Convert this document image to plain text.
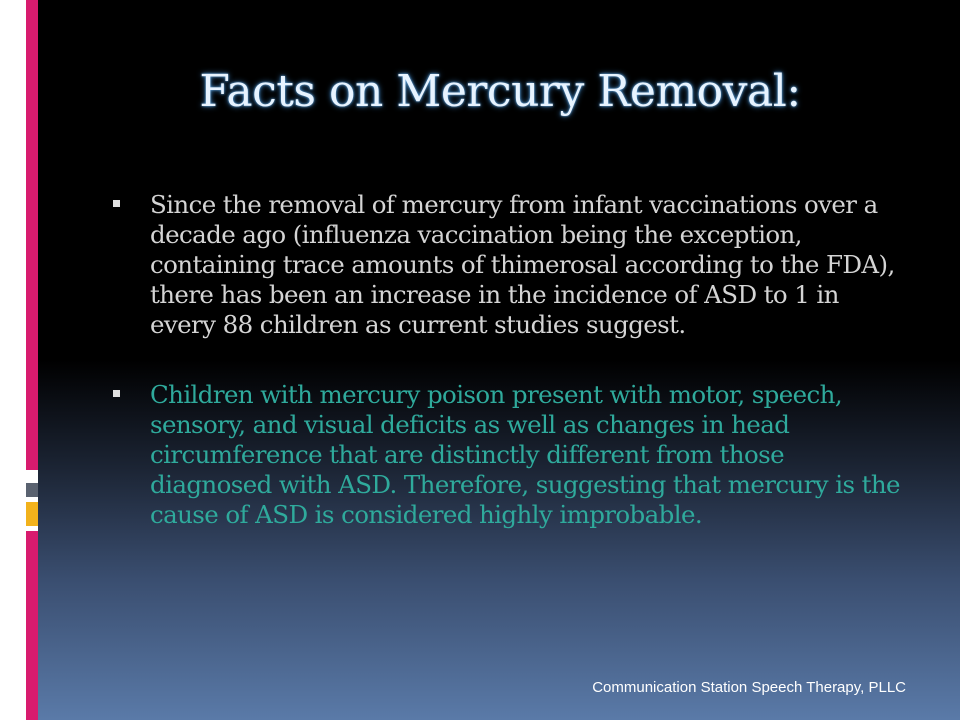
Facts on Mercury Removal:
Since the removal of mercury from infant vaccinations over a decade ago (influenza vaccination being the exception, containing trace amounts of thimerosal according to the FDA), there has been an increase in the incidence of ASD to 1 in every 88 children as current studies suggest.
Children with mercury poison present with motor, speech, sensory, and visual deficits as well as changes in head circumference that are distinctly different from those diagnosed with ASD. Therefore, suggesting that mercury is the cause of ASD is considered highly improbable.
Communication Station Speech Therapy, PLLC
